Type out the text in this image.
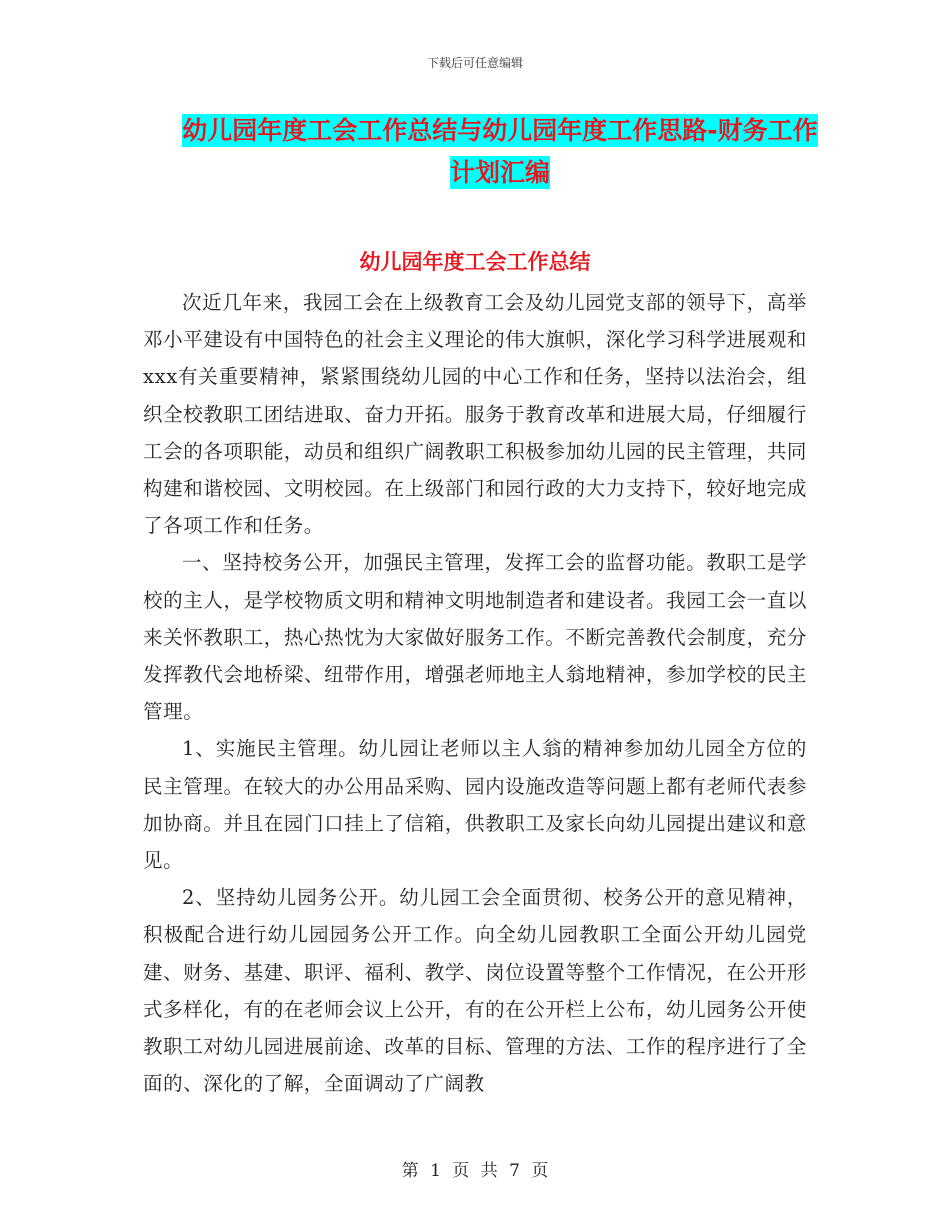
下载后可任意编辑
幼儿园年度工会工作总结与幼儿园年度工作思路-财务工作计划汇编
幼儿园年度工会工作总结

次近几年来，我园工会在上级教育工会及幼儿园党支部的领导下，高举邓小平建设有中国特色的社会主义理论的伟大旗帜，深化学习科学进展观和xxx有关重要精神，紧紧围绕幼儿园的中心工作和任务，坚持以法治会，组织全校教职工团结进取、奋力开拓。服务于教育改革和进展大局，仔细履行工会的各项职能，动员和组织广阔教职工积极参加幼儿园的民主管理，共同构建和谐校园、文明校园。在上级部门和园行政的大力支持下，较好地完成了各项工作和任务。

一、坚持校务公开，加强民主管理，发挥工会的监督功能。教职工是学校的主人，是学校物质文明和精神文明地制造者和建设者。我园工会一直以来关怀教职工，热心热忱为大家做好服务工作。不断完善教代会制度，充分发挥教代会地桥梁、纽带作用，增强老师地主人翁地精神，参加学校的民主管理。

1、实施民主管理。幼儿园让老师以主人翁的精神参加幼儿园全方位的民主管理。在较大的办公用品采购、园内设施改造等问题上都有老师代表参加协商。并且在园门口挂上了信箱，供教职工及家长向幼儿园提出建议和意见。

2、坚持幼儿园务公开。幼儿园工会全面贯彻、校务公开的意见精神，积极配合进行幼儿园园务公开工作。向全幼儿园教职工全面公开幼儿园党建、财务、基建、职评、福利、教学、岗位设置等整个工作情况，在公开形式多样化，有的在老师会议上公开，有的在公开栏上公布，幼儿园务公开使教职工对幼儿园进展前途、改革的目标、管理的方法、工作的程序进行了全面的、深化的了解，全面调动了广阔教

第 1 页 共 7 页
